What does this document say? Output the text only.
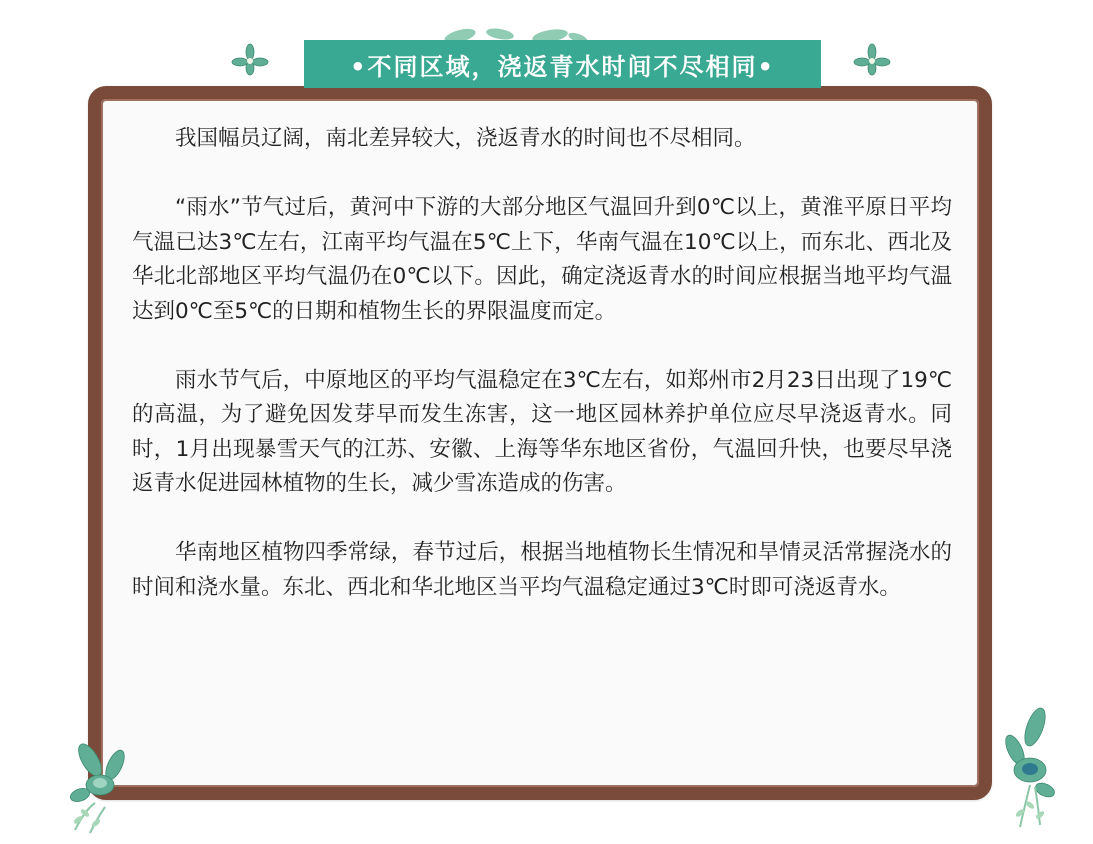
•不同区域，浇返青水时间不尽相同•

我国幅员辽阔，南北差异较大，浇返青水的时间也不尽相同。

“雨水”节气过后，黄河中下游的大部分地区气温回升到0℃以上，黄淮平原日平均气温已达3℃左右，江南平均气温在5℃上下，华南气温在10℃以上，而东北、西北及华北北部地区平均气温仍在0℃以下。因此，确定浇返青水的时间应根据当地平均气温达到0℃至5℃的日期和植物生长的界限温度而定。

雨水节气后，中原地区的平均气温稳定在3℃左右，如郑州市2月23日出现了19℃的高温，为了避免因发芽早而发生冻害，这一地区园林养护单位应尽早浇返青水。同时，1月出现暴雪天气的江苏、安徽、上海等华东地区省份，气温回升快，也要尽早浇返青水促进园林植物的生长，减少雪冻造成的伤害。

华南地区植物四季常绿，春节过后，根据当地植物长生情况和旱情灵活常握浇水的时间和浇水量。东北、西北和华北地区当平均气温稳定通过3℃时即可浇返青水。
